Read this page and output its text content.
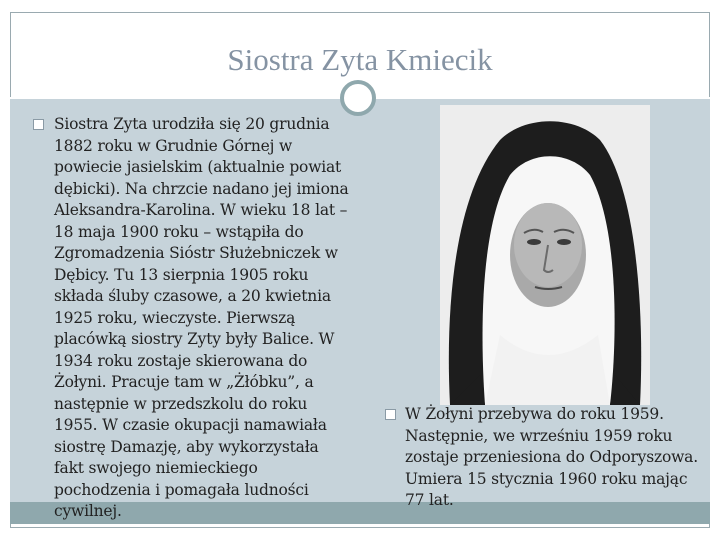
Siostra Zyta Kmiecik
Siostra Zyta urodziła się 20 grudnia 1882 roku w Grudnie Górnej w powiecie jasielskim (aktualnie powiat dębicki). Na chrzcie nadano jej imiona Aleksandra-Karolina. W wieku 18 lat – 18 maja 1900 roku – wstąpiła do Zgromadzenia Sióstr Służebniczek w Dębicy. Tu 13 sierpnia 1905 roku składa śluby czasowe, a 20 kwietnia 1925 roku, wieczyste. Pierwszą placówką siostry Zyty były Balice. W 1934 roku zostaje skierowana do Żołyni. Pracuje tam w „Żłóbku”, a następnie w przedszkolu do roku 1955. W czasie okupacji namawiała siostrę Damazję, aby wykorzystała fakt swojego niemieckiego pochodzenia i pomagała ludności cywilnej.
W Żołyni przebywa do roku 1959. Następnie, we wrześniu 1959 roku zostaje przeniesiona do Odporyszowa. Umiera 15 stycznia 1960 roku mając 77 lat.
